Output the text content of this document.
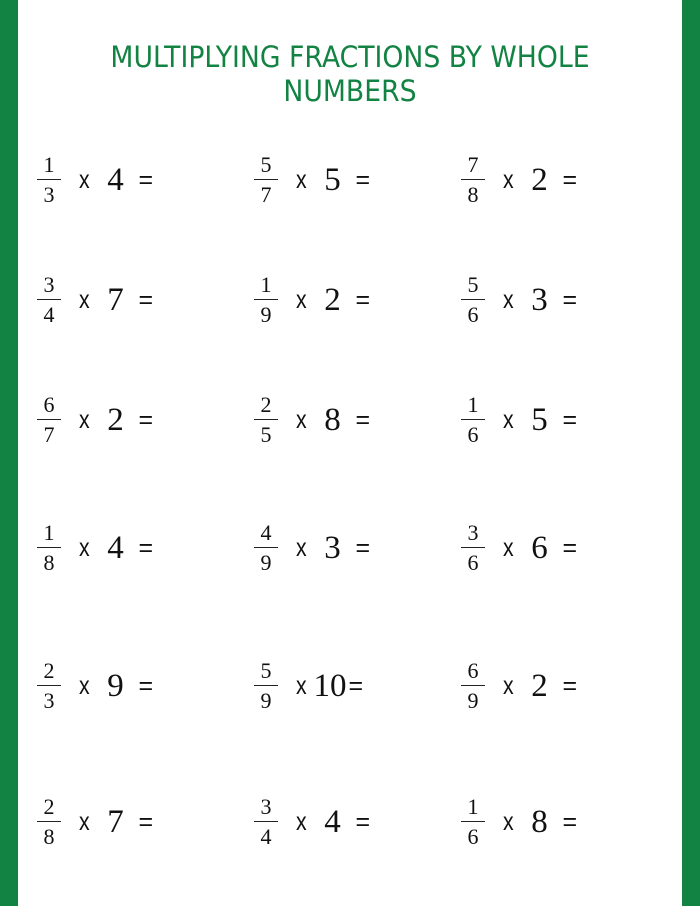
MULTIPLYING FRACTIONS BY WHOLE NUMBERS
$\frac{1}{3}$ x 4 =	$\frac{5}{7}$ x 5 =	$\frac{7}{8}$ x 2 =
$\frac{3}{4}$ x 7 =	$\frac{1}{9}$ x 2 =	$\frac{5}{6}$ x 3 =
$\frac{6}{7}$ x 2 =	$\frac{2}{5}$ x 8 =	$\frac{1}{6}$ x 5 =
$\frac{1}{8}$ x 4 =	$\frac{4}{9}$ x 3 =	$\frac{3}{6}$ x 6 =
$\frac{2}{3}$ x 9 =	$\frac{5}{9}$ x 10 =	$\frac{6}{9}$ x 2 =
$\frac{2}{8}$ x 7 =	$\frac{3}{4}$ x 4 =	$\frac{1}{6}$ x 8 =
